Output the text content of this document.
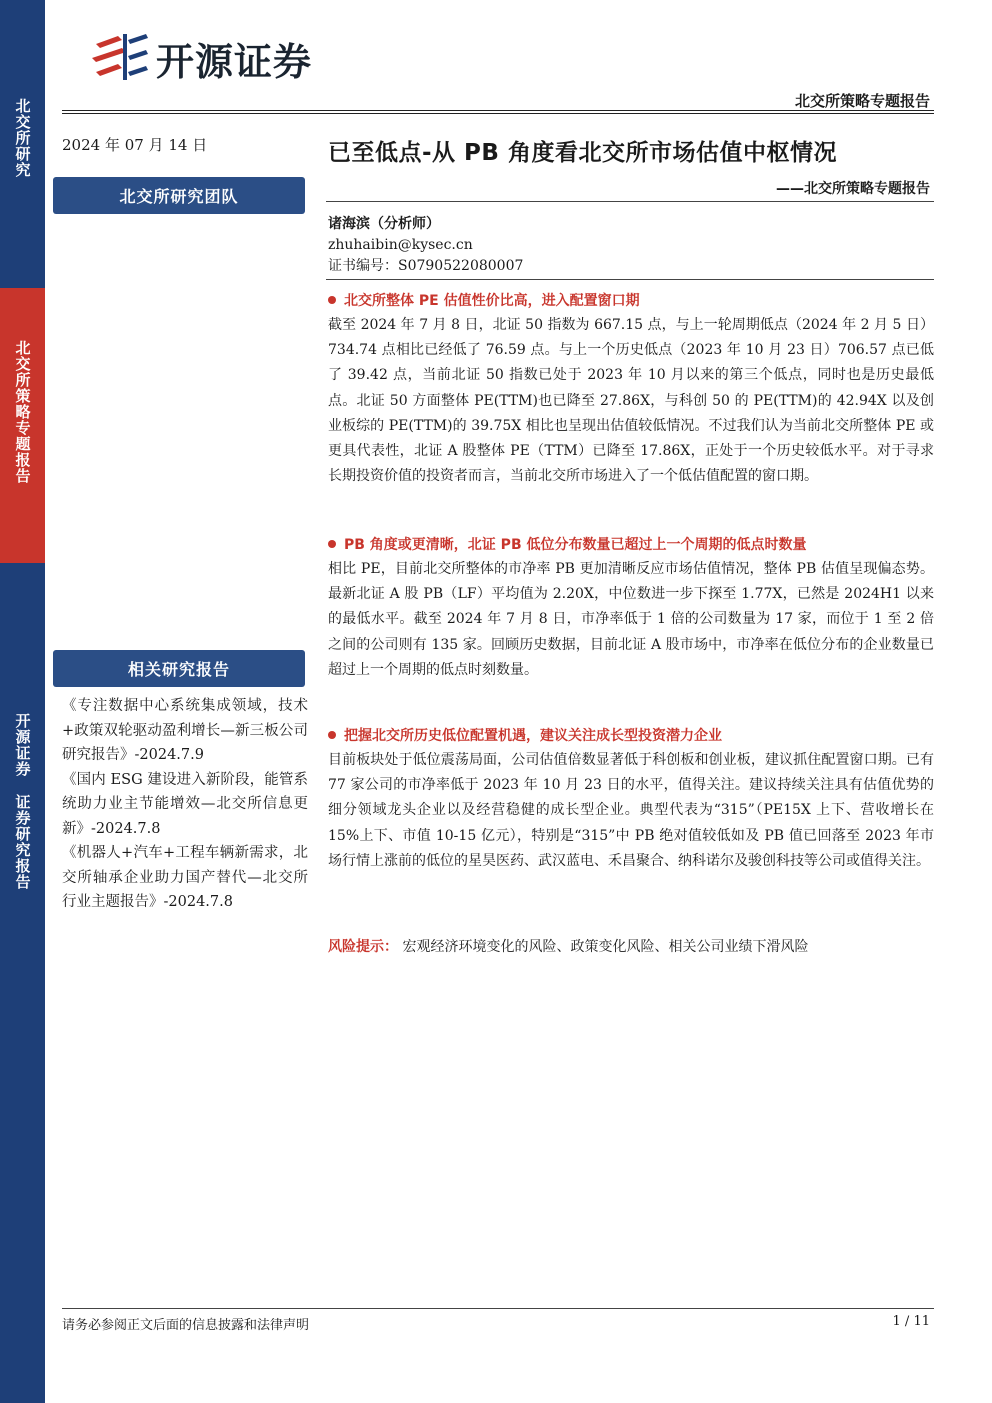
北交所研究
北交所策略专题报告
开源证券
证券研究报告
开源证券
北交所策略专题报告
2024 年 07 月 14 日	已至低点-从 PB 角度看北交所市场估值中枢情况
——北交所策略专题报告
北交所研究团队
诸海滨（分析师）
zhuhaibin@kysec.cn
证书编号：S0790522080007
北交所整体 PE 估值性价比高，进入配置窗口期
截至 2024 年 7 月 8 日，北证 50 指数为 667.15 点，与上一轮周期低点（2024 年 2 月 5 日）734.74 点相比已经低了 76.59 点。与上一个历史低点（2023 年 10 月 23 日）706.57 点已低了 39.42 点，当前北证 50 指数已处于 2023 年 10 月以来的第三个低点，同时也是历史最低点。北证 50 方面整体 PE(TTM)也已降至 27.86X，与科创 50 的 PE(TTM)的 42.94X 以及创业板综的 PE(TTM)的 39.75X 相比也呈现出估值较低情况。不过我们认为当前北交所整体 PE 或更具代表性，北证 A 股整体 PE（TTM）已降至 17.86X，正处于一个历史较低水平。对于寻求长期投资价值的投资者而言，当前北交所市场进入了一个低估值配置的窗口期。
PB 角度或更清晰，北证 PB 低位分布数量已超过上一个周期的低点时数量
相比 PE，目前北交所整体的市净率 PB 更加清晰反应市场估值情况，整体 PB 估值呈现偏态势。最新北证 A 股 PB（LF）平均值为 2.20X，中位数进一步下探至 1.77X，已然是 2024H1 以来的最低水平。截至 2024 年 7 月 8 日，市净率低于 1 倍的公司数量为 17 家，而位于 1 至 2 倍之间的公司则有 135 家。回顾历史数据，目前北证 A 股市场中，市净率在低位分布的企业数量已超过上一个周期的低点时刻数量。
把握北交所历史低位配置机遇，建议关注成长型投资潜力企业
目前板块处于低位震荡局面，公司估值倍数显著低于科创板和创业板，建议抓住配置窗口期。已有 77 家公司的市净率低于 2023 年 10 月 23 日的水平，值得关注。建议持续关注具有估值优势的细分领域龙头企业以及经营稳健的成长型企业。典型代表为“315”（PE15X 上下、营收增长在 15%上下、市值 10-15 亿元），特别是“315”中 PB 绝对值较低如及 PB 值已回落至 2023 年市场行情上涨前的低位的星昊医药、武汉蓝电、禾昌聚合、纳科诺尔及骏创科技等公司或值得关注。
风险提示： 宏观经济环境变化的风险、政策变化风险、相关公司业绩下滑风险
相关研究报告

《专注数据中心系统集成领域，技术+政策双轮驱动盈利增长—新三板公司研究报告》-2024.7.9

《国内 ESG 建设进入新阶段，能管系统助力业主节能增效—北交所信息更新》-2024.7.8

《机器人+汽车+工程车辆新需求，北交所轴承企业助力国产替代—北交所行业主题报告》-2024.7.8

请务必参阅正文后面的信息披露和法律声明	1 / 11
